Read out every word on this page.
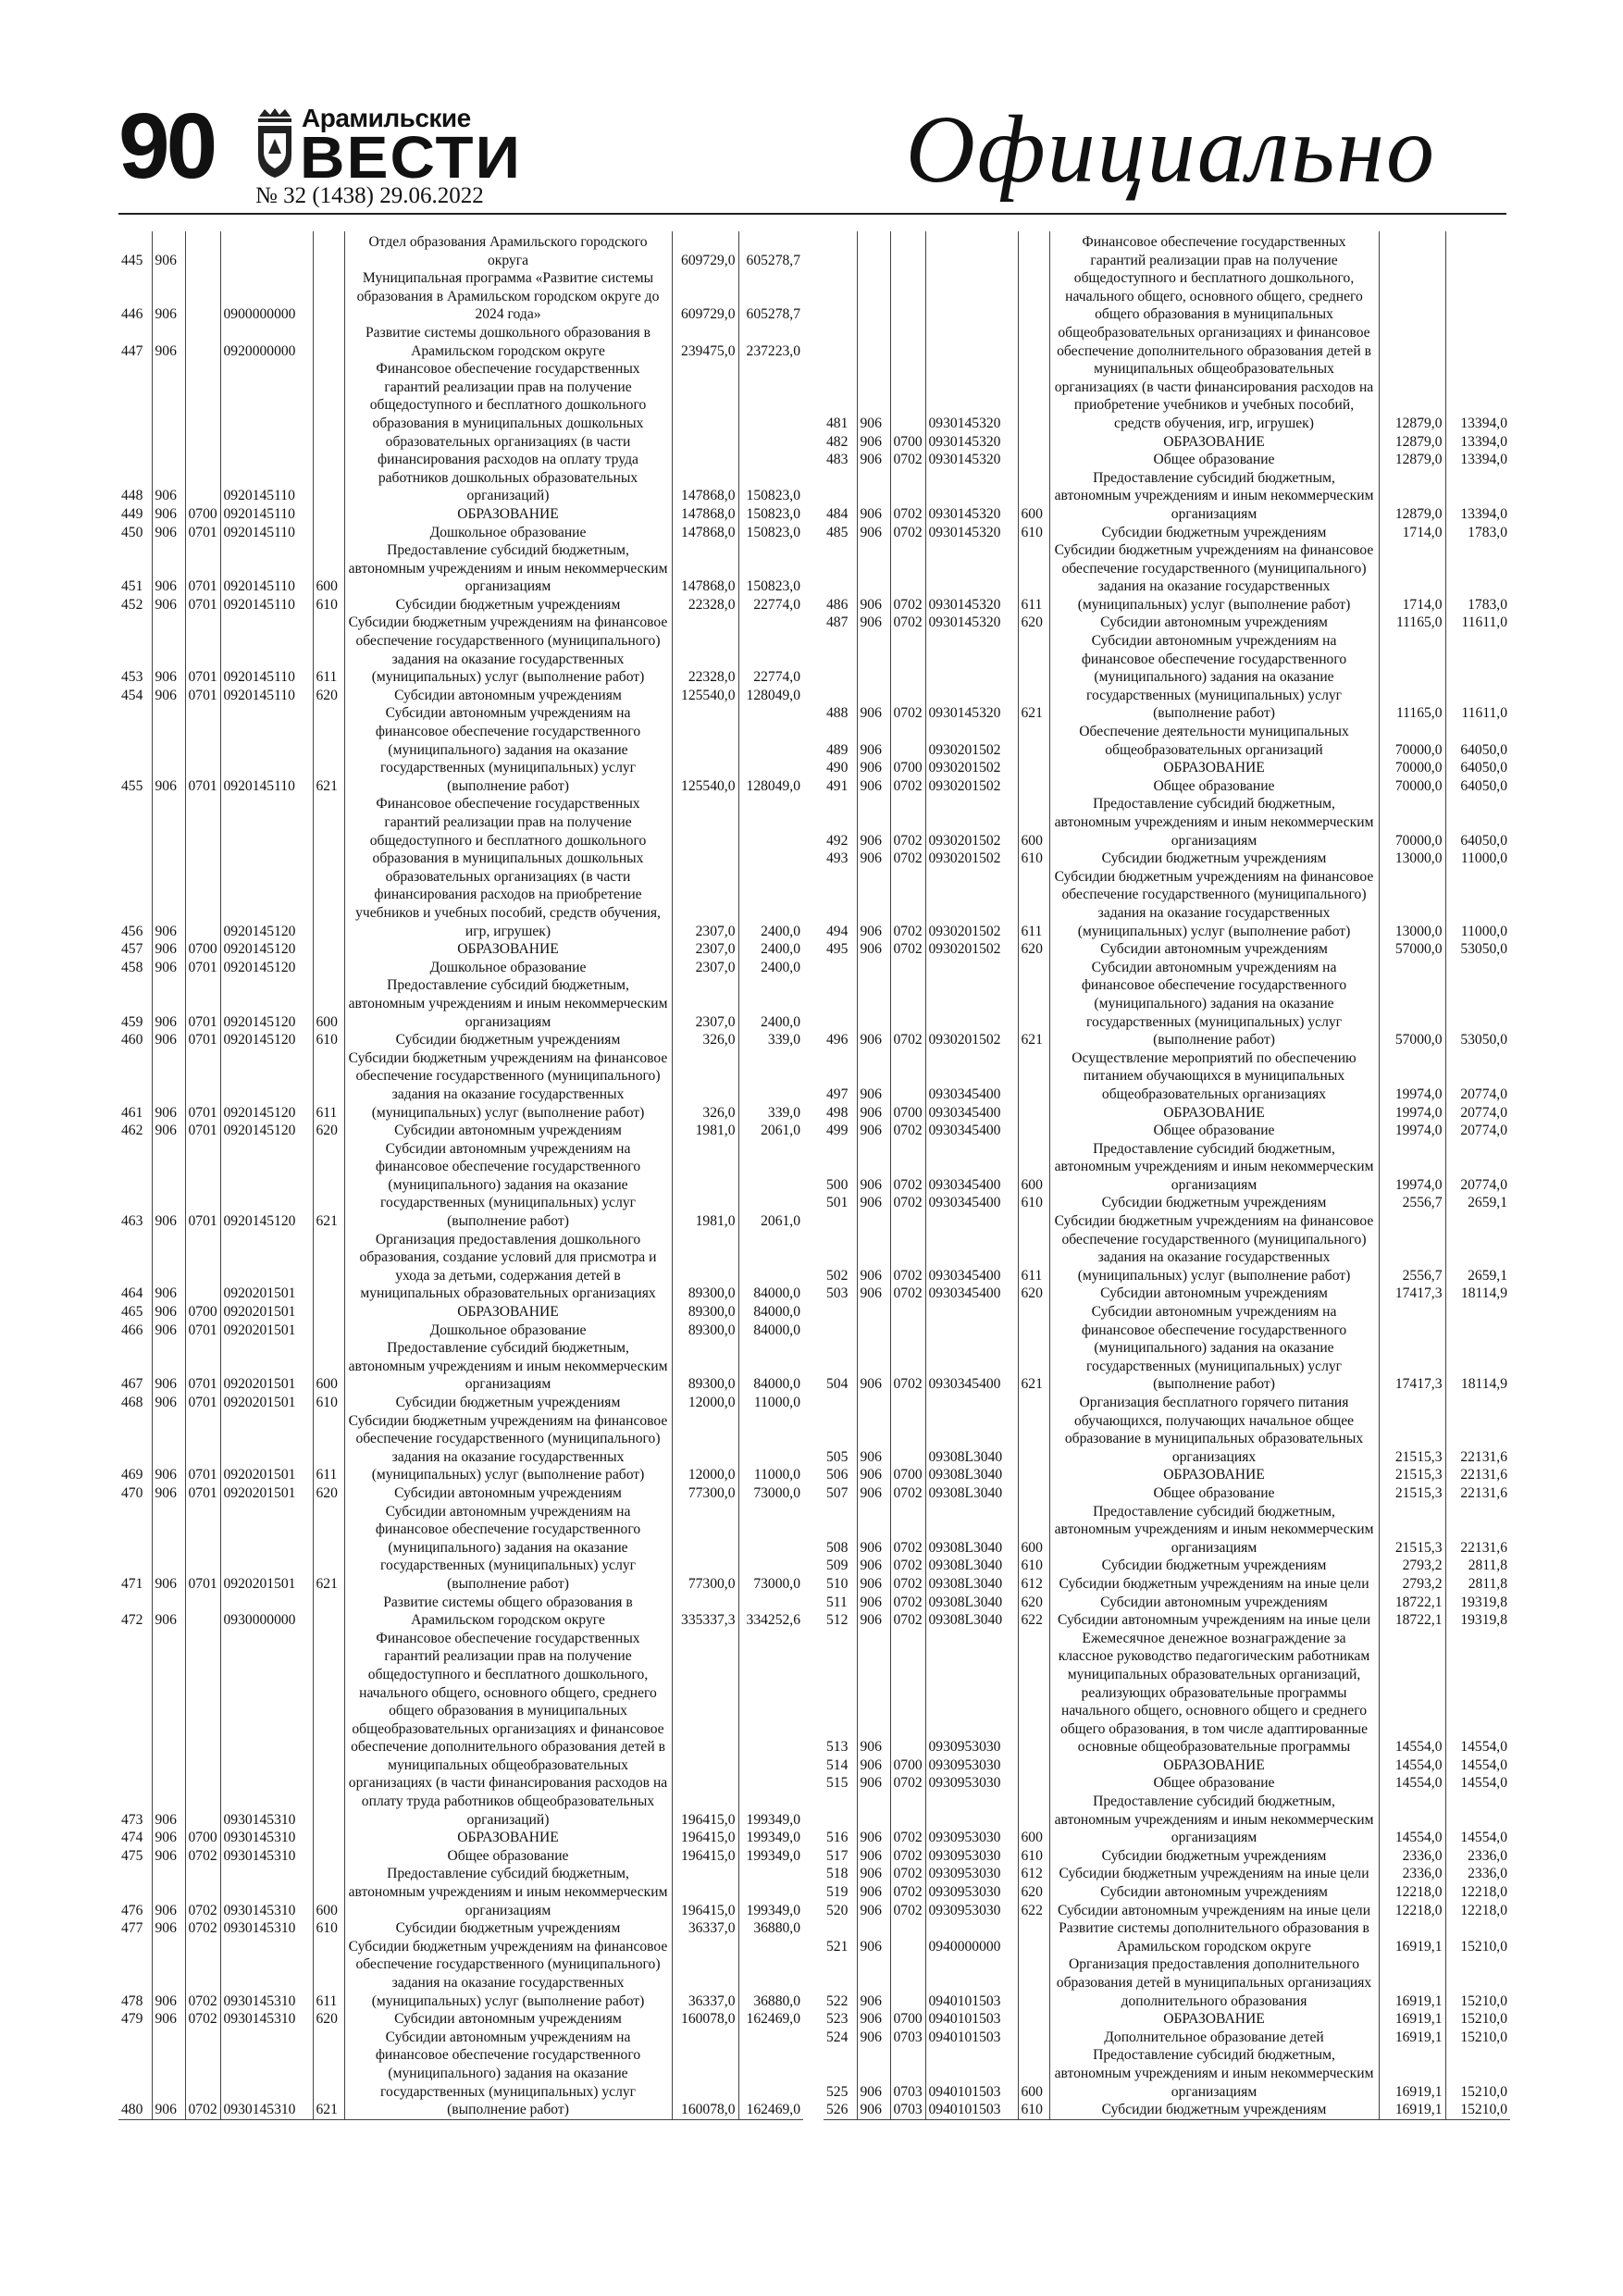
90	Арамильские
ВЕСТИ
№ 32 (1438) 29.06.2022	Официально
445	906				Отдел образования Арамильского городского округа	609729,0	605278,7
446	906		0900000000		Муниципальная программа «Развитие системы образования в Арамильском городском округе до 2024 года»	609729,0	605278,7
447	906		0920000000		Развитие системы дошкольного образования в Арамильском городском округе	239475,0	237223,0
448	906		0920145110		Финансовое обеспечение государственных гарантий реализации прав на получение общедоступного и бесплатного дошкольного образования в муниципальных дошкольных образовательных организациях (в части финансирования расходов на оплату труда работников дошкольных образовательных организаций)	147868,0	150823,0
449	906	0700	0920145110		ОБРАЗОВАНИЕ	147868,0	150823,0
450	906	0701	0920145110		Дошкольное образование	147868,0	150823,0
451	906	0701	0920145110	600	Предоставление субсидий бюджетным, автономным учреждениям и иным некоммерческим организациям	147868,0	150823,0
452	906	0701	0920145110	610	Субсидии бюджетным учреждениям	22328,0	22774,0
453	906	0701	0920145110	611	Субсидии бюджетным учреждениям на финансовое обеспечение государственного (муниципального) задания на оказание государственных (муниципальных) услуг (выполнение работ)	22328,0	22774,0
454	906	0701	0920145110	620	Субсидии автономным учреждениям	125540,0	128049,0
455	906	0701	0920145110	621	Субсидии автономным учреждениям на финансовое обеспечение государственного (муниципального) задания на оказание государственных (муниципальных) услуг (выполнение работ)	125540,0	128049,0
456	906		0920145120		Финансовое обеспечение государственных гарантий реализации прав на получение общедоступного и бесплатного дошкольного образования в муниципальных дошкольных образовательных организациях (в части финансирования расходов на приобретение учебников и учебных пособий, средств обучения, игр, игрушек)	2307,0	2400,0
457	906	0700	0920145120		ОБРАЗОВАНИЕ	2307,0	2400,0
458	906	0701	0920145120		Дошкольное образование	2307,0	2400,0
459	906	0701	0920145120	600	Предоставление субсидий бюджетным, автономным учреждениям и иным некоммерческим организациям	2307,0	2400,0
460	906	0701	0920145120	610	Субсидии бюджетным учреждениям	326,0	339,0
461	906	0701	0920145120	611	Субсидии бюджетным учреждениям на финансовое обеспечение государственного (муниципального) задания на оказание государственных (муниципальных) услуг (выполнение работ)	326,0	339,0
462	906	0701	0920145120	620	Субсидии автономным учреждениям	1981,0	2061,0
463	906	0701	0920145120	621	Субсидии автономным учреждениям на финансовое обеспечение государственного (муниципального) задания на оказание государственных (муниципальных) услуг (выполнение работ)	1981,0	2061,0
464	906		0920201501		Организация предоставления дошкольного образования, создание условий для присмотра и ухода за детьми, содержания детей в муниципальных образовательных организациях	89300,0	84000,0
465	906	0700	0920201501		ОБРАЗОВАНИЕ	89300,0	84000,0
466	906	0701	0920201501		Дошкольное образование	89300,0	84000,0
467	906	0701	0920201501	600	Предоставление субсидий бюджетным, автономным учреждениям и иным некоммерческим организациям	89300,0	84000,0
468	906	0701	0920201501	610	Субсидии бюджетным учреждениям	12000,0	11000,0
469	906	0701	0920201501	611	Субсидии бюджетным учреждениям на финансовое обеспечение государственного (муниципального) задания на оказание государственных (муниципальных) услуг (выполнение работ)	12000,0	11000,0
470	906	0701	0920201501	620	Субсидии автономным учреждениям	77300,0	73000,0
471	906	0701	0920201501	621	Субсидии автономным учреждениям на финансовое обеспечение государственного (муниципального) задания на оказание государственных (муниципальных) услуг (выполнение работ)	77300,0	73000,0
472	906		0930000000		Развитие системы общего образования в Арамильском городском округе	335337,3	334252,6
473	906		0930145310		Финансовое обеспечение государственных гарантий реализации прав на получение общедоступного и бесплатного дошкольного, начального общего, основного общего, среднего общего образования в муниципальных общеобразовательных организациях и финансовое обеспечение дополнительного образования детей в муниципальных общеобразовательных организациях (в части финансирования расходов на оплату труда работников общеобразовательных организаций)	196415,0	199349,0
474	906	0700	0930145310		ОБРАЗОВАНИЕ	196415,0	199349,0
475	906	0702	0930145310		Общее образование	196415,0	199349,0
476	906	0702	0930145310	600	Предоставление субсидий бюджетным, автономным учреждениям и иным некоммерческим организациям	196415,0	199349,0
477	906	0702	0930145310	610	Субсидии бюджетным учреждениям	36337,0	36880,0
478	906	0702	0930145310	611	Субсидии бюджетным учреждениям на финансовое обеспечение государственного (муниципального) задания на оказание государственных (муниципальных) услуг (выполнение работ)	36337,0	36880,0
479	906	0702	0930145310	620	Субсидии автономным учреждениям	160078,0	162469,0
480	906	0702	0930145310	621	Субсидии автономным учреждениям на финансовое обеспечение государственного (муниципального) задания на оказание государственных (муниципальных) услуг (выполнение работ)	160078,0	162469,0
481	906		0930145320		Финансовое обеспечение государственных гарантий реализации прав на получение общедоступного и бесплатного дошкольного, начального общего, основного общего, среднего общего образования в муниципальных общеобразовательных организациях и финансовое обеспечение дополнительного образования детей в муниципальных общеобразовательных организациях (в части финансирования расходов на приобретение учебников и учебных пособий, средств обучения, игр, игрушек)	12879,0	13394,0
482	906	0700	0930145320		ОБРАЗОВАНИЕ	12879,0	13394,0
483	906	0702	0930145320		Общее образование	12879,0	13394,0
484	906	0702	0930145320	600	Предоставление субсидий бюджетным, автономным учреждениям и иным некоммерческим организациям	12879,0	13394,0
485	906	0702	0930145320	610	Субсидии бюджетным учреждениям	1714,0	1783,0
486	906	0702	0930145320	611	Субсидии бюджетным учреждениям на финансовое обеспечение государственного (муниципального) задания на оказание государственных (муниципальных) услуг (выполнение работ)	1714,0	1783,0
487	906	0702	0930145320	620	Субсидии автономным учреждениям	11165,0	11611,0
488	906	0702	0930145320	621	Субсидии автономным учреждениям на финансовое обеспечение государственного (муниципального) задания на оказание государственных (муниципальных) услуг (выполнение работ)	11165,0	11611,0
489	906		0930201502		Обеспечение деятельности муниципальных общеобразовательных организаций	70000,0	64050,0
490	906	0700	0930201502		ОБРАЗОВАНИЕ	70000,0	64050,0
491	906	0702	0930201502		Общее образование	70000,0	64050,0
492	906	0702	0930201502	600	Предоставление субсидий бюджетным, автономным учреждениям и иным некоммерческим организациям	70000,0	64050,0
493	906	0702	0930201502	610	Субсидии бюджетным учреждениям	13000,0	11000,0
494	906	0702	0930201502	611	Субсидии бюджетным учреждениям на финансовое обеспечение государственного (муниципального) задания на оказание государственных (муниципальных) услуг (выполнение работ)	13000,0	11000,0
495	906	0702	0930201502	620	Субсидии автономным учреждениям	57000,0	53050,0
496	906	0702	0930201502	621	Субсидии автономным учреждениям на финансовое обеспечение государственного (муниципального) задания на оказание государственных (муниципальных) услуг (выполнение работ)	57000,0	53050,0
497	906		0930345400		Осуществление мероприятий по обеспечению питанием обучающихся в муниципальных общеобразовательных организациях	19974,0	20774,0
498	906	0700	0930345400		ОБРАЗОВАНИЕ	19974,0	20774,0
499	906	0702	0930345400		Общее образование	19974,0	20774,0
500	906	0702	0930345400	600	Предоставление субсидий бюджетным, автономным учреждениям и иным некоммерческим организациям	19974,0	20774,0
501	906	0702	0930345400	610	Субсидии бюджетным учреждениям	2556,7	2659,1
502	906	0702	0930345400	611	Субсидии бюджетным учреждениям на финансовое обеспечение государственного (муниципального) задания на оказание государственных (муниципальных) услуг (выполнение работ)	2556,7	2659,1
503	906	0702	0930345400	620	Субсидии автономным учреждениям	17417,3	18114,9
504	906	0702	0930345400	621	Субсидии автономным учреждениям на финансовое обеспечение государственного (муниципального) задания на оказание государственных (муниципальных) услуг (выполнение работ)	17417,3	18114,9
505	906		09308L3040		Организация бесплатного горячего питания обучающихся, получающих начальное общее образование в муниципальных образовательных организациях	21515,3	22131,6
506	906	0700	09308L3040		ОБРАЗОВАНИЕ	21515,3	22131,6
507	906	0702	09308L3040		Общее образование	21515,3	22131,6
508	906	0702	09308L3040	600	Предоставление субсидий бюджетным, автономным учреждениям и иным некоммерческим организациям	21515,3	22131,6
509	906	0702	09308L3040	610	Субсидии бюджетным учреждениям	2793,2	2811,8
510	906	0702	09308L3040	612	Субсидии бюджетным учреждениям на иные цели	2793,2	2811,8
511	906	0702	09308L3040	620	Субсидии автономным учреждениям	18722,1	19319,8
512	906	0702	09308L3040	622	Субсидии автономным учреждениям на иные цели	18722,1	19319,8
513	906		0930953030		Ежемесячное денежное вознаграждение за классное руководство педагогическим работникам муниципальных образовательных организаций, реализующих образовательные программы начального общего, основного общего и среднего общего образования, в том числе адаптированные основные общеобразовательные программы	14554,0	14554,0
514	906	0700	0930953030		ОБРАЗОВАНИЕ	14554,0	14554,0
515	906	0702	0930953030		Общее образование	14554,0	14554,0
516	906	0702	0930953030	600	Предоставление субсидий бюджетным, автономным учреждениям и иным некоммерческим организациям	14554,0	14554,0
517	906	0702	0930953030	610	Субсидии бюджетным учреждениям	2336,0	2336,0
518	906	0702	0930953030	612	Субсидии бюджетным учреждениям на иные цели	2336,0	2336,0
519	906	0702	0930953030	620	Субсидии автономным учреждениям	12218,0	12218,0
520	906	0702	0930953030	622	Субсидии автономным учреждениям на иные цели	12218,0	12218,0
521	906		0940000000		Развитие системы дополнительного образования в Арамильском городском округе	16919,1	15210,0
522	906		0940101503		Организация предоставления дополнительного образования детей в муниципальных организациях дополнительного образования	16919,1	15210,0
523	906	0700	0940101503		ОБРАЗОВАНИЕ	16919,1	15210,0
524	906	0703	0940101503		Дополнительное образование детей	16919,1	15210,0
525	906	0703	0940101503	600	Предоставление субсидий бюджетным, автономным учреждениям и иным некоммерческим организациям	16919,1	15210,0
526	906	0703	0940101503	610	Субсидии бюджетным учреждениям	16919,1	15210,0
